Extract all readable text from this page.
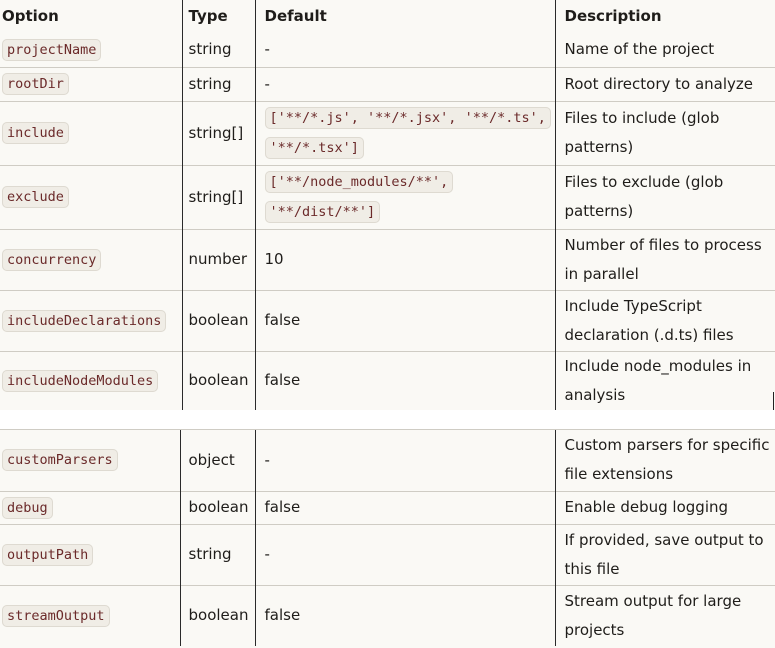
Option	Type	Default	Description
projectName	string	-	Name of the project
rootDir	string	-	Root directory to analyze
include	string[]	['**/*.js', '**/*.jsx', '**/*.ts', '**/*.tsx']	Files to include (glob patterns)
exclude	string[]	['**/node_modules/**', '**/dist/**']	Files to exclude (glob patterns)
concurrency	number	10	Number of files to process in parallel
includeDeclarations	boolean	false	Include TypeScript declaration (.d.ts) files
includeNodeModules	boolean	false	Include node_modules in analysis
customParsers	object	-	Custom parsers for specific file extensions
debug	boolean	false	Enable debug logging
outputPath	string	-	If provided, save output to this file
streamOutput	boolean	false	Stream output for large projects
